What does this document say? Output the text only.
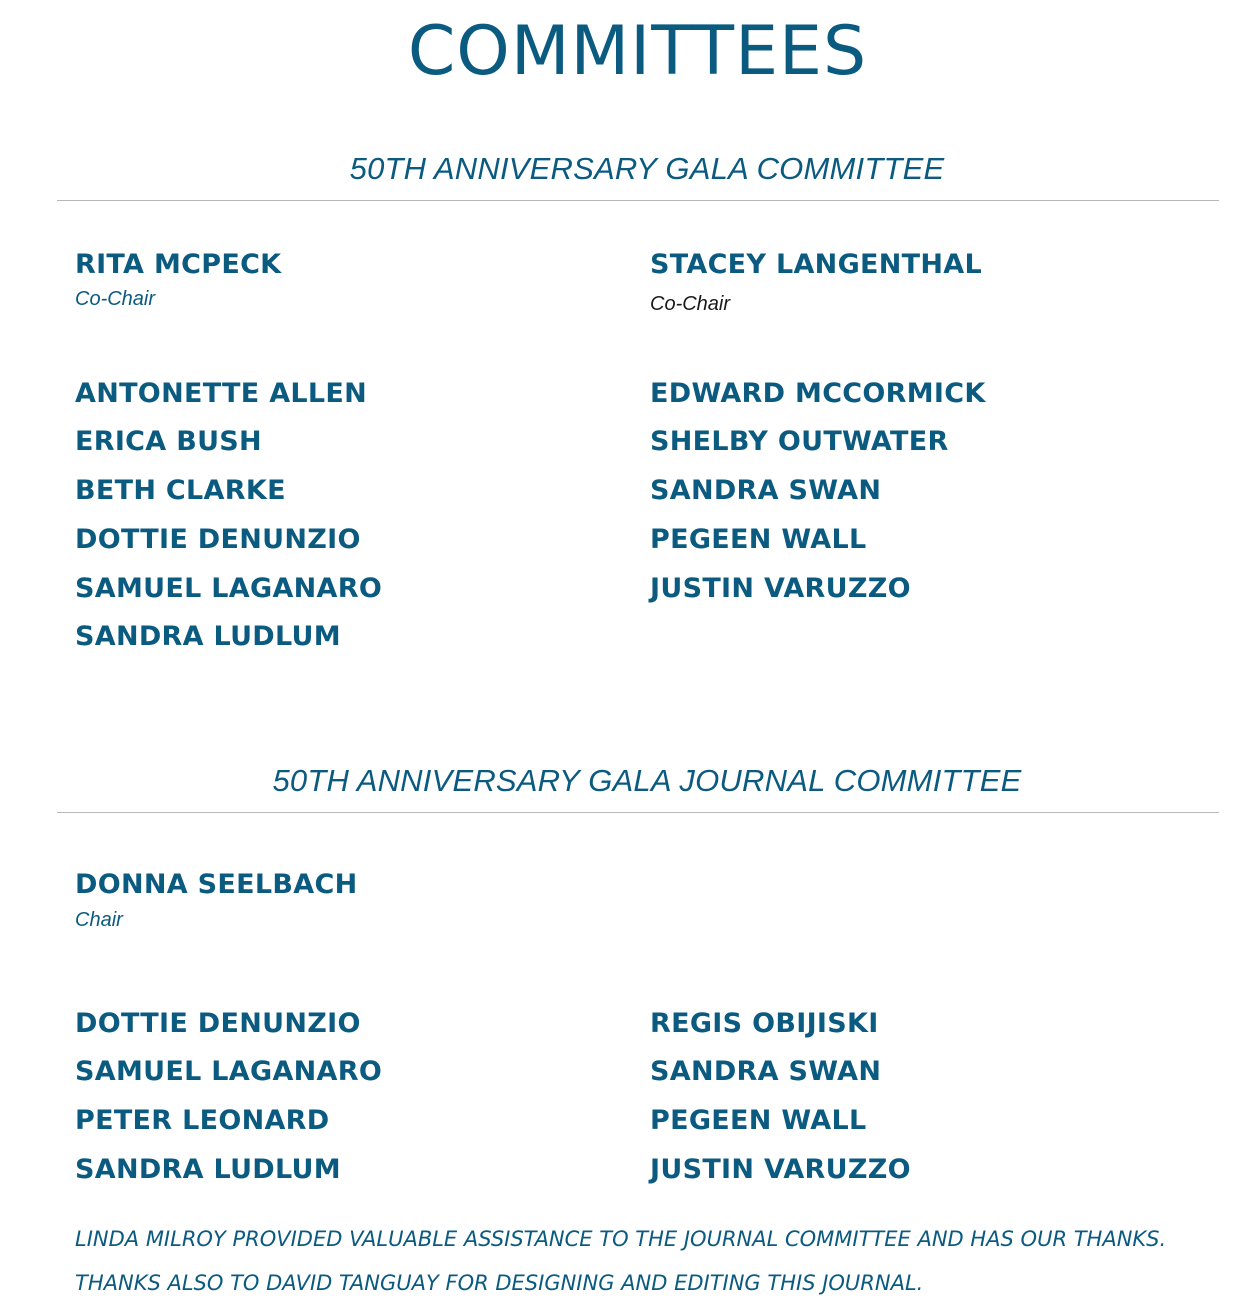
COMMITTEES
50TH ANNIVERSARY GALA COMMITTEE
RITA MCPECK
Co-Chair
STACEY LANGENTHAL
Co-Chair
ANTONETTE ALLEN
ERICA BUSH
BETH CLARKE
DOTTIE DENUNZIO
SAMUEL LAGANARO
SANDRA LUDLUM
EDWARD MCCORMICK
SHELBY OUTWATER
SANDRA SWAN
PEGEEN WALL
JUSTIN VARUZZO
50TH ANNIVERSARY GALA JOURNAL COMMITTEE
DONNA SEELBACH
Chair
DOTTIE DENUNZIO
SAMUEL LAGANARO
PETER LEONARD
SANDRA LUDLUM
REGIS OBIJISKI
SANDRA SWAN
PEGEEN WALL
JUSTIN VARUZZO
LINDA MILROY PROVIDED VALUABLE ASSISTANCE TO THE JOURNAL COMMITTEE AND HAS OUR THANKS.
THANKS ALSO TO DAVID TANGUAY FOR DESIGNING AND EDITING THIS JOURNAL.
